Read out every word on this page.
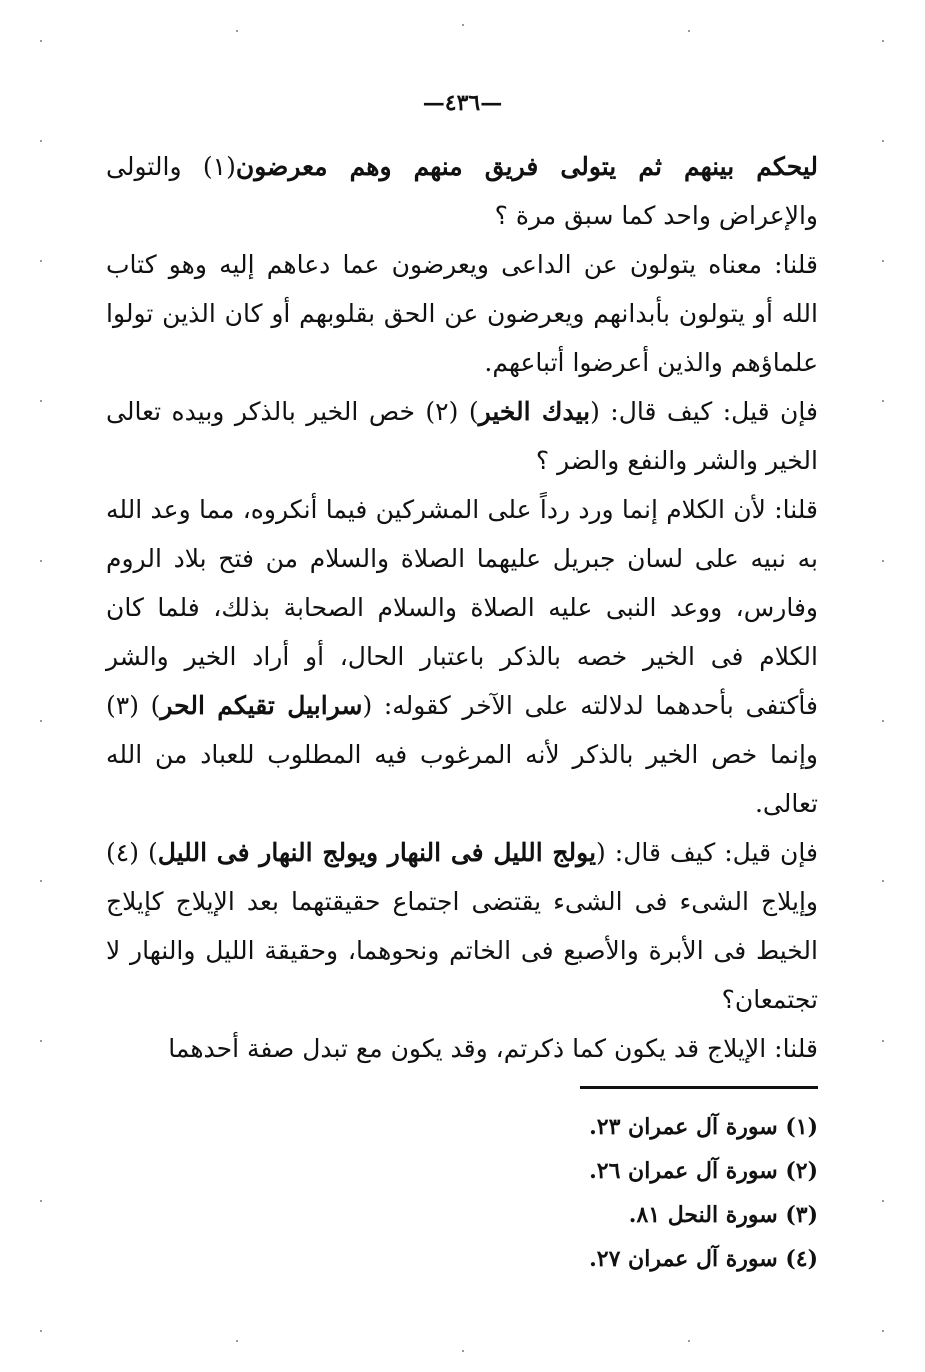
—٤٣٦—

ليحكم بينهم ثم يتولى فريق منهم وهم معرضون(١) والتولى والإعراض واحد كما سبق مرة ؟

قلنا: معناه يتولون عن الداعى ويعرضون عما دعاهم إليه وهو كتاب الله أو يتولون بأبدانهم ويعرضون عن الحق بقلوبهم أو كان الذين تولوا علماؤهم والذين أعرضوا أتباعهم.

فإن قيل: كيف قال: (بيدك الخير) (٢) خص الخير بالذكر وبيده تعالى الخير والشر والنفع والضر ؟

قلنا: لأن الكلام إنما ورد رداً على المشركين فيما أنكروه، مما وعد الله به نبيه على لسان جبريل عليهما الصلاة والسلام من فتح بلاد الروم وفارس، ووعد النبى عليه الصلاة والسلام الصحابة بذلك، فلما كان الكلام فى الخير خصه بالذكر باعتبار الحال، أو أراد الخير والشر فأكتفى بأحدهما لدلالته على الآخر كقوله: (سرابيل تقيكم الحر) (٣) وإنما خص الخير بالذكر لأنه المرغوب فيه المطلوب للعباد من الله تعالى.

فإن قيل: كيف قال: (يولج الليل فى النهار ويولج النهار فى الليل) (٤) وإيلاج الشىء فى الشىء يقتضى اجتماع حقيقتهما بعد الإيلاج كإيلاج الخيط فى الأبرة والأصبع فى الخاتم ونحوهما، وحقيقة الليل والنهار لا تجتمعان؟

قلنا: الإيلاج قد يكون كما ذكرتم، وقد يكون مع تبدل صفة أحدهما

(١) سورة آل عمران ٢٣.
(٢) سورة آل عمران ٢٦.
(٣) سورة النحل ٨١.
(٤) سورة آل عمران ٢٧.
